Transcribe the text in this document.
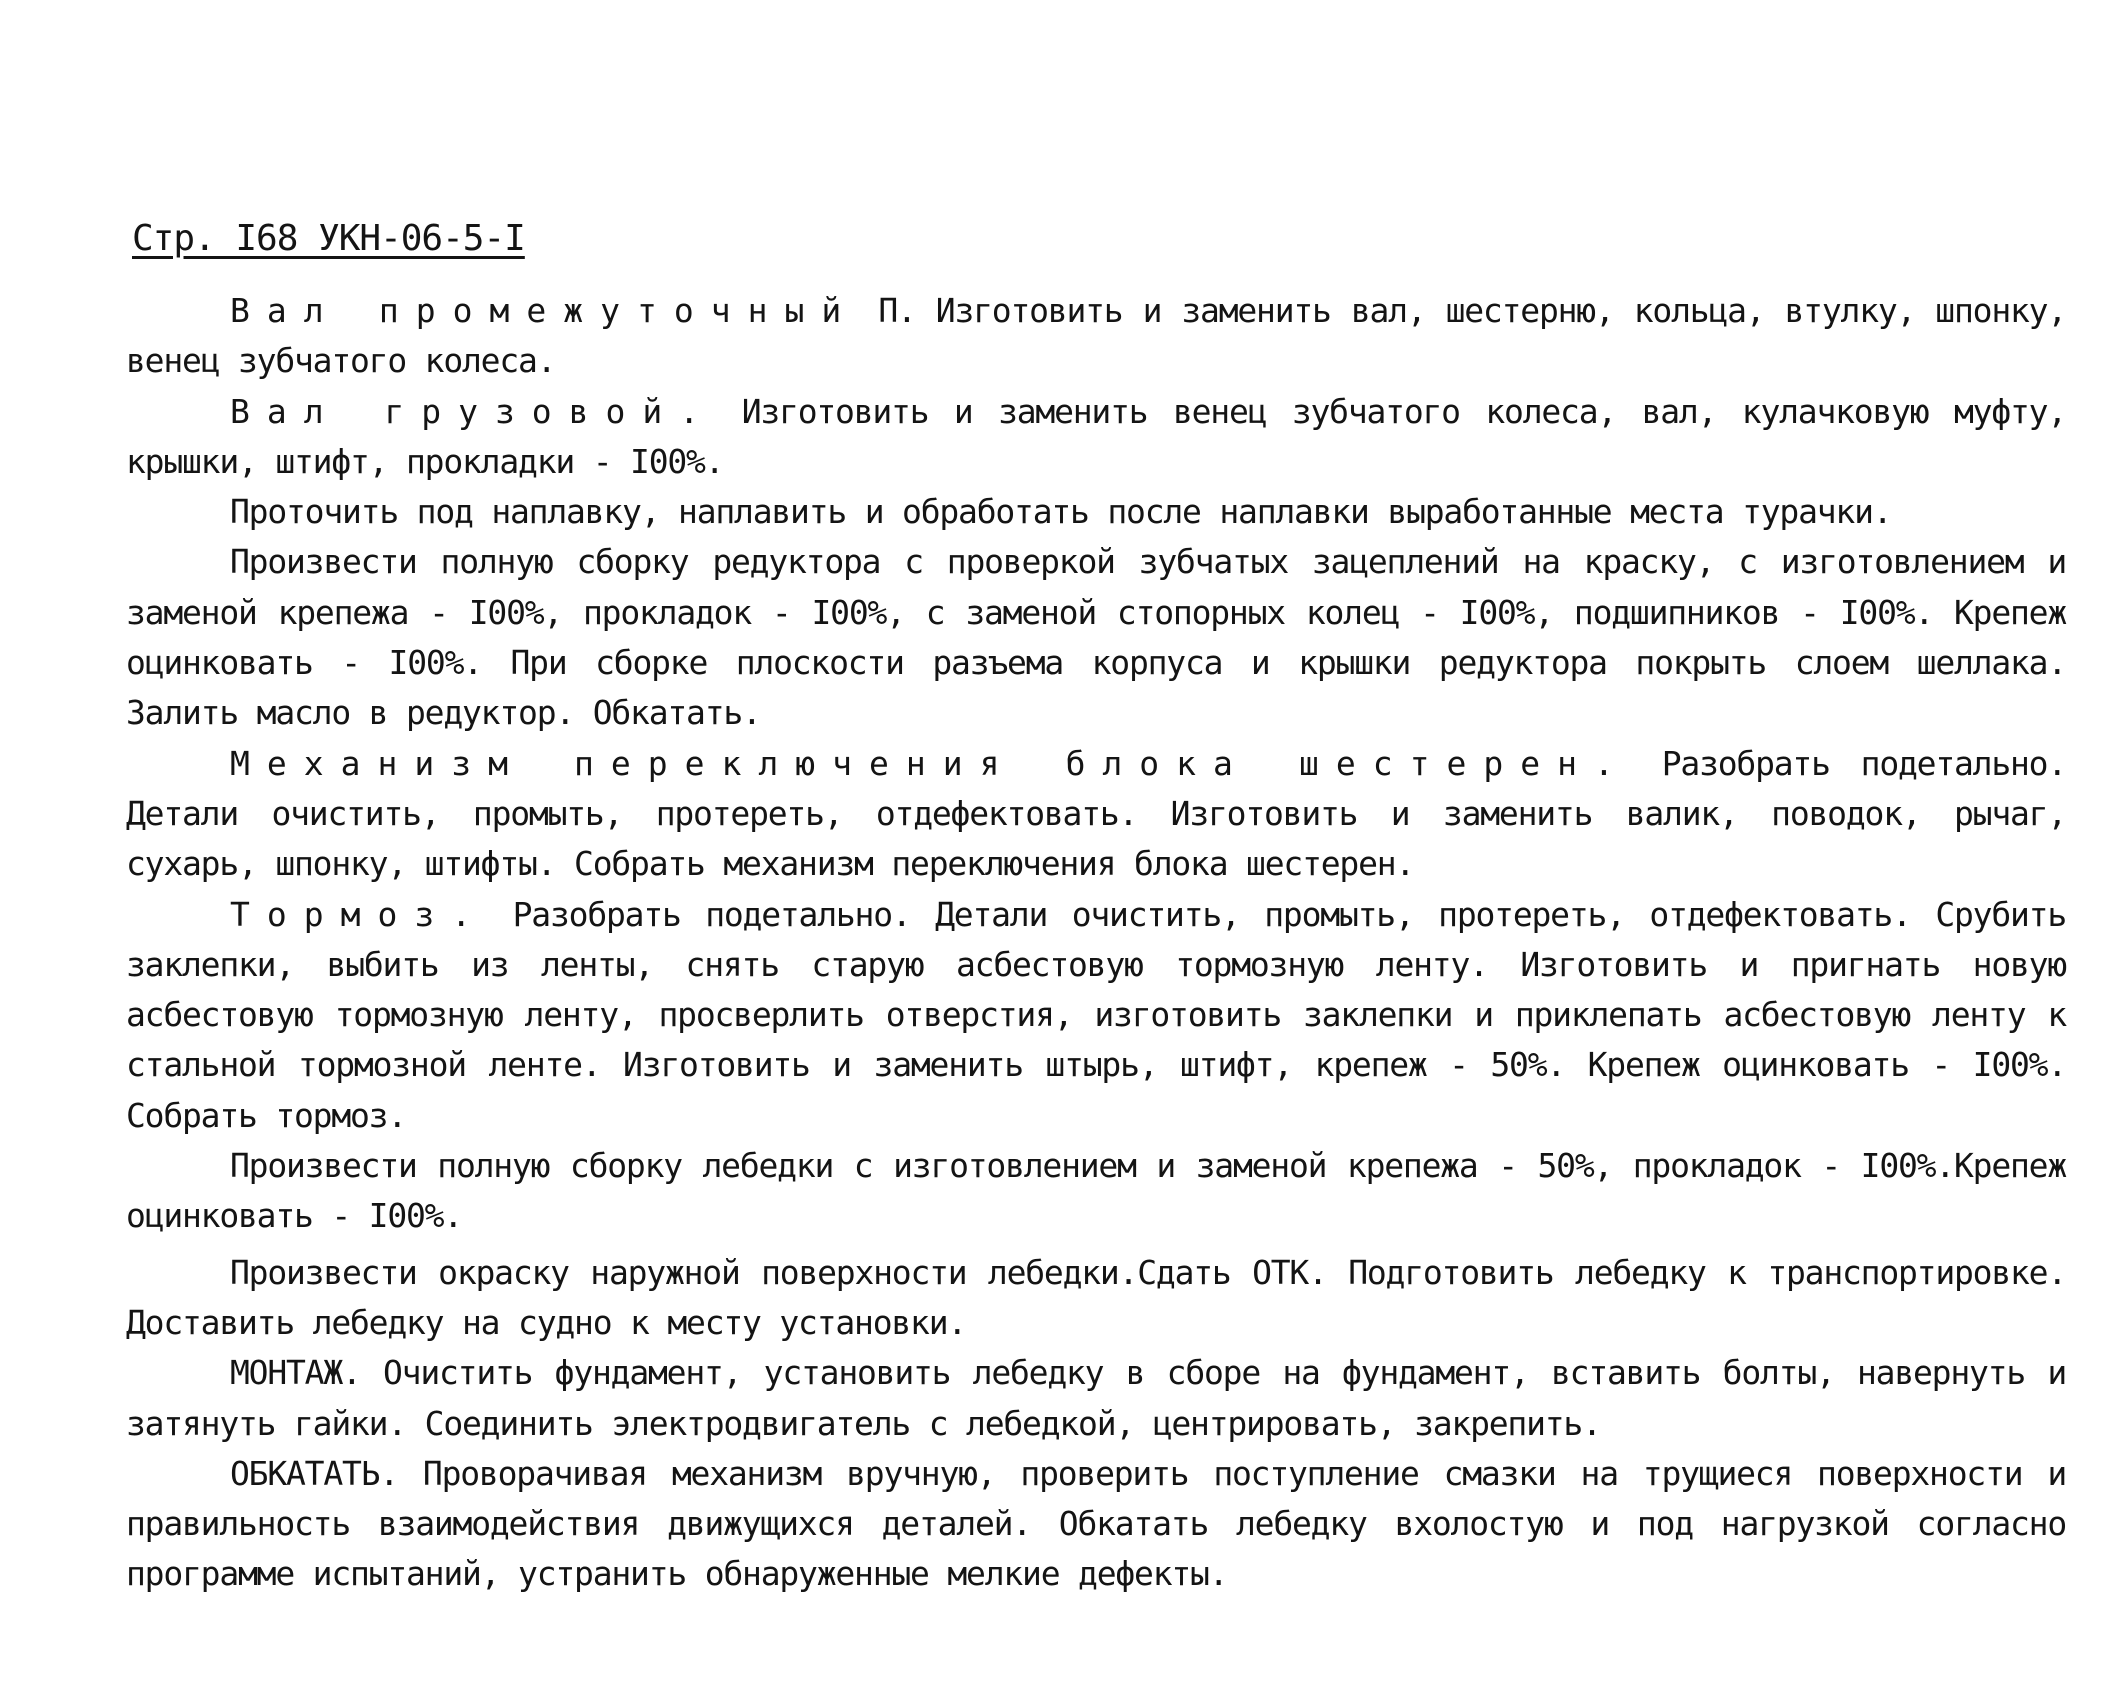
Стр. I68 УКН-06-5-I

Вал промежуточный П. Изготовить и заменить вал, шестерню, кольца, втулку, шпонку, венец зубчатого колеса.

Вал грузовой. Изготовить и заменить венец зубчатого колеса, вал, кулачковую муфту, крышки, штифт, прокладки - I00%.

Проточить под наплавку, наплавить и обработать после наплавки выработанные места турачки.

Произвести полную сборку редуктора с проверкой зубчатых зацеплений на краску, с изготовлением и заменой крепежа - I00%, прокладок - I00%, с заменой стопорных колец - I00%, подшипников - I00%. Крепеж оцинковать - I00%. При сборке плоскости разъема корпуса и крышки редуктора покрыть слоем шеллака. Залить масло в редуктор. Обкатать.

Механизм переключения блока шестерен. Разобрать подетально. Детали очистить, промыть, протереть, отдефектовать. Изготовить и заменить валик, поводок, рычаг, сухарь, шпонку, штифты. Собрать механизм переключения блока шестерен.

Тормоз. Разобрать подетально. Детали очистить, промыть, протереть, отдефектовать. Срубить заклепки, выбить из ленты, снять старую асбестовую тормозную ленту. Изготовить и пригнать новую асбестовую тормозную ленту, просверлить отверстия, изготовить заклепки и приклепать асбестовую ленту к стальной тормозной ленте. Изготовить и заменить штырь, штифт, крепеж - 50%. Крепеж оцинковать - I00%. Собрать тормоз.

Произвести полную сборку лебедки с изготовлением и заменой крепежа - 50%, прокладок - I00%.Крепеж оцинковать - I00%.

Произвести окраску наружной поверхности лебедки.Сдать ОТК. Подготовить лебедку к транспортировке. Доставить лебедку на судно к месту установки.

МОНТАЖ. Очистить фундамент, установить лебедку в сборе на фундамент, вставить болты, навернуть и затянуть гайки. Соединить электродвигатель с лебедкой, центрировать, закрепить.

ОБКАТАТЬ. Проворачивая механизм вручную, проверить поступление смазки на трущиеся поверхности и правильность взаимодействия движущихся деталей. Обкатать лебедку вхолостую и под нагрузкой согласно программе испытаний, устранить обнаруженные мелкие дефекты.
